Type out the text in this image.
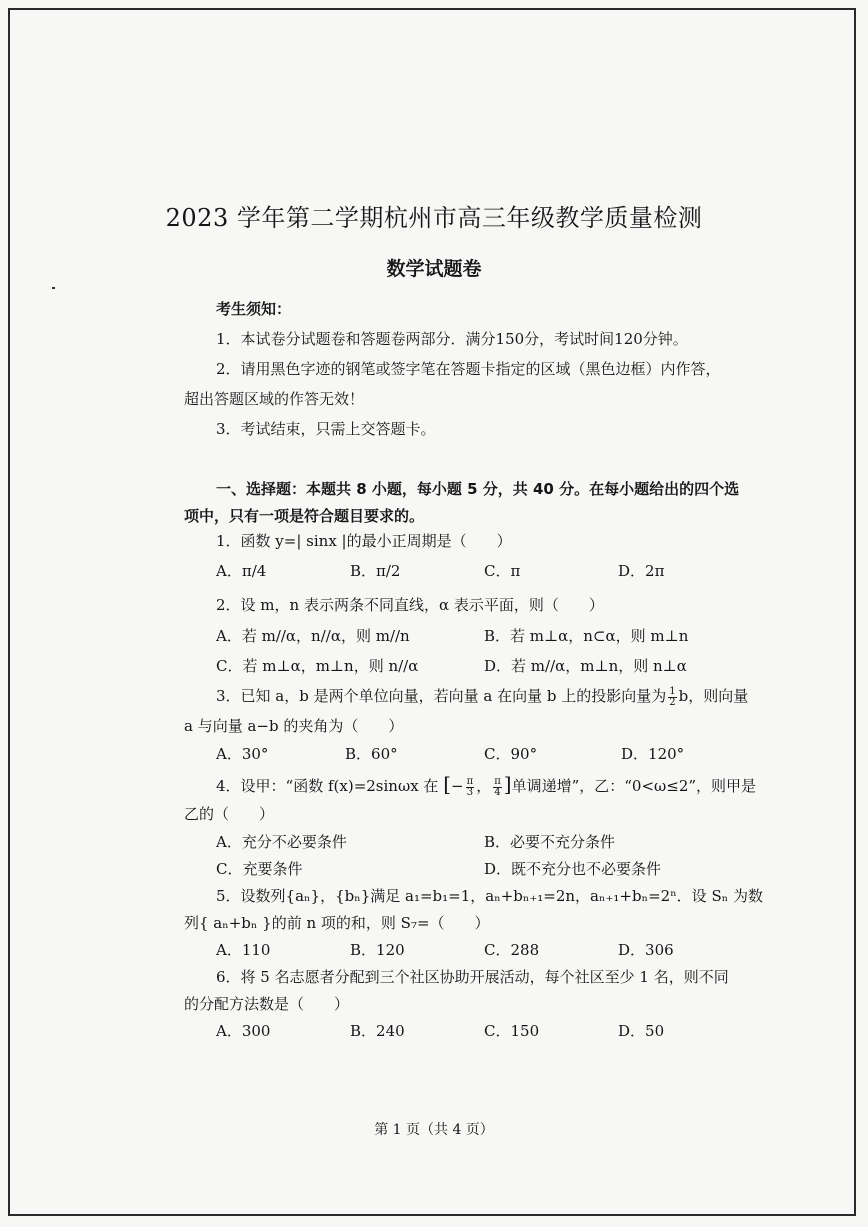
2023 学年第二学期杭州市高三年级教学质量检测
数学试题卷
考生须知：
1．本试卷分试题卷和答题卷两部分．满分150分，考试时间120分钟。
2．请用黑色字迹的钢笔或签字笔在答题卡指定的区域（黑色边框）内作答，
超出答题区域的作答无效！
3．考试结束，只需上交答题卡。
一、选择题：本题共 8 小题，每小题 5 分，共 40 分。在每小题给出的四个选
项中，只有一项是符合题目要求的。
1．函数 y=| sinx |的最小正周期是（　　）
A．π/4	B．π/2	C．π	D．2π
2．设 m，n 表示两条不同直线，α 表示平面，则（　　）
A．若 m//α，n//α，则 m//n	B．若 m⊥α，n⊂α，则 m⊥n
C．若 m⊥α，m⊥n，则 n//α	D．若 m//α，m⊥n，则 n⊥α
3．已知 a，b 是两个单位向量，若向量 a 在向量 b 上的投影向量为 $\frac{1}{2}$ b，则向量
a 与向量 a−b 的夹角为（　　）
A．30°	B．60°	C．90°	D．120°
4．设甲：“函数 f(x)=2sinωx 在 [− $\frac{\pi}{3}$ ， $\frac{\pi}{4}$ ]单调递增”，乙：“0<ω≤2”，则甲是
乙的（　　）
A．充分不必要条件	B．必要不充分条件
C．充要条件	D．既不充分也不必要条件
5．设数列{aₙ}，{bₙ}满足 a₁=b₁=1，aₙ+bₙ₊₁=2n，aₙ₊₁+bₙ=2ⁿ．设 Sₙ 为数
列{ aₙ+bₙ }的前 n 项的和，则 S₇=（　　）
A．110	B．120	C．288	D．306
6．将 5 名志愿者分配到三个社区协助开展活动，每个社区至少 1 名，则不同
的分配方法数是（　　）
A．300	B．240	C．150	D．50
第 1 页（共 4 页）
